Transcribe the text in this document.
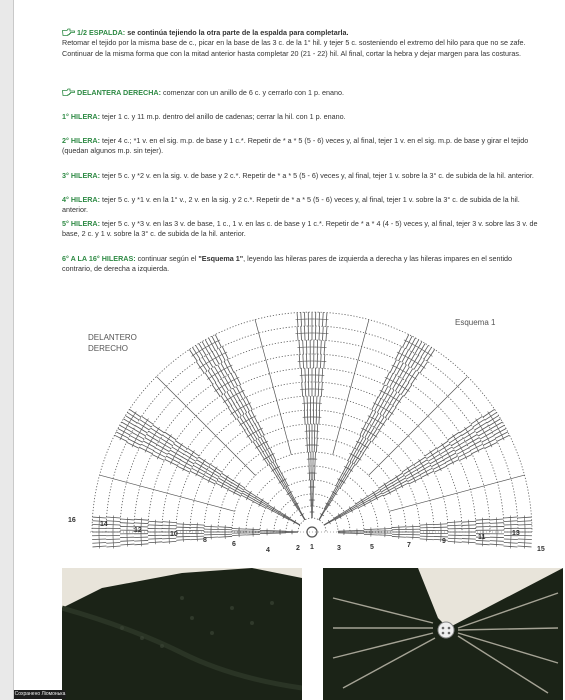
1/2 ESPALDA: se continúa tejiendo la otra parte de la espalda para completarla.
Retomar el tejido por la misma base de c., picar en la base de las 3 c. de la 1° hil. y tejer 5 c. sosteniendo el extremo del hilo para que no se zafe.
Continuar de la misma forma que con la mitad anterior hasta completar 20 (21 - 22) hil. Al final, cortar la hebra y dejar margen para las costuras.
DELANTERA DERECHA: comenzar con un anillo de 6 c. y cerrarlo con 1 p. enano.
1° HILERA: tejer 1 c. y 11 m.p. dentro del anillo de cadenas; cerrar la hil. con 1 p. enano.
2° HILERA: tejer 4 c.; *1 v. en el sig. m.p. de base y 1 c.*. Repetir de * a * 5 (5 - 6) veces y, al final, tejer 1 v. en el sig. m.p. de base y girar el tejido (quedan algunos m.p. sin tejer).
3° HILERA: tejer 5 c. y *2 v. en la sig. v. de base y 2 c.*. Repetir de * a * 5 (5 - 6) veces y, al final, tejer 1 v. sobre la 3° c. de subida de la hil. anterior.
4° HILERA: tejer 5 c. y *1 v. en la 1° v., 2 v. en la sig. y 2 c.*. Repetir de * a * 5 (5 - 6) veces y, al final, tejer 1 v. sobre la 3° c. de subida de la hil. anterior.
5° HILERA: tejer 5 c. y *3 v. en las 3 v. de base, 1 c., 1 v. en las c. de base y 1 c.*. Repetir de * a * 4 (4 - 5) veces y, al final, tejer 3 v. sobre las 3 v. de base, 2 c. y 1 v. sobre la 3° c. de subida de la hil. anterior.
6° A LA 16° HILERAS: continuar según el "Esquema 1", leyendo las hileras pares de izquierda a derecha y las hileras impares en el sentido contrario, de derecha a izquierda.
DELANTERO
DERECHO
Esquema 1
1
16
14
12
10
8
6
4	2	3	5	7
9
11
13
15
Сохранено Ліомонька
